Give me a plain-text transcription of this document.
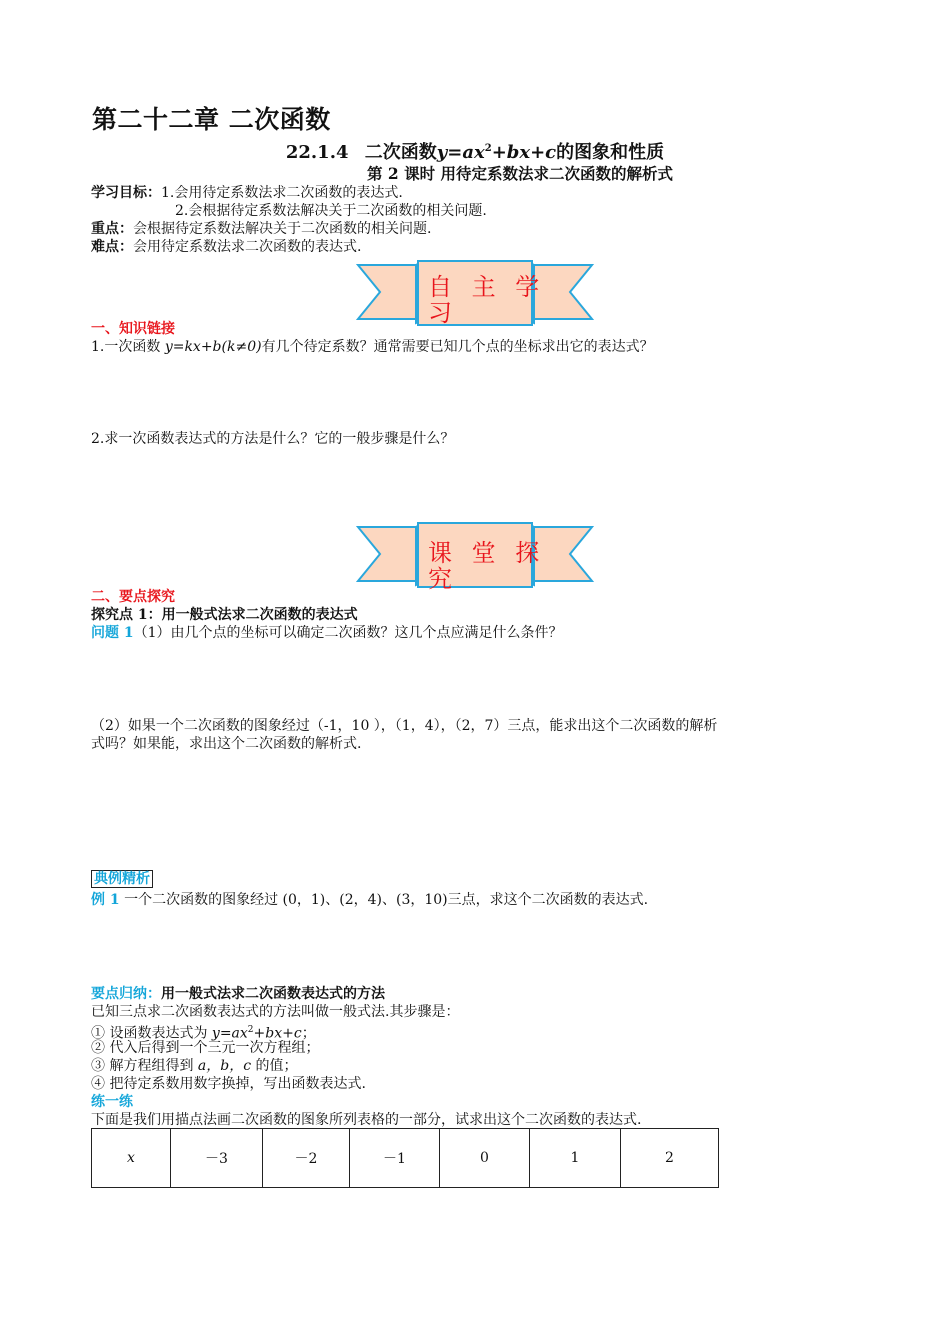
第二十二章 二次函数
22.1.4 二次函数$y=ax^2+bx+c$的图象和性质
第 2 课时 用待定系数法求二次函数的解析式
学习目标：1.会用待定系数法求二次函数的表达式.
2.会根据待定系数法解决关于二次函数的相关问题.
重点：会根据待定系数法解决关于二次函数的相关问题.
难点：会用待定系数法求二次函数的表达式.
自 主 学
习
一、知识链接
1.一次函数 y=kx+b(k≠0)有几个待定系数？通常需要已知几个点的坐标求出它的表达式？
2.求一次函数表达式的方法是什么？它的一般步骤是什么？
课 堂 探
究
二、要点探究
探究点 1：用一般式法求二次函数的表达式
问题 1（1）由几个点的坐标可以确定二次函数？这几个点应满足什么条件？
（2）如果一个二次函数的图象经过（-1，10 ），（1，4），（2，7）三点，能求出这个二次函数的解析
式吗？如果能，求出这个二次函数的解析式.
典例精析
例 1 一个二次函数的图象经过 (0，1)、(2，4)、(3，10)三点，求这个二次函数的表达式.
要点归纳：用一般式法求二次函数表达式的方法
已知三点求二次函数表达式的方法叫做一般式法.其步骤是：
① 设函数表达式为 $y=ax^2+bx+c$；
② 代入后得到一个三元一次方程组；
③ 解方程组得到 a，b，c 的值；
④ 把待定系数用数字换掉，写出函数表达式.
练一练
下面是我们用描点法画二次函数的图象所列表格的一部分，试求出这个二次函数的表达式.
x	－3	－2	－1	0	1	2
